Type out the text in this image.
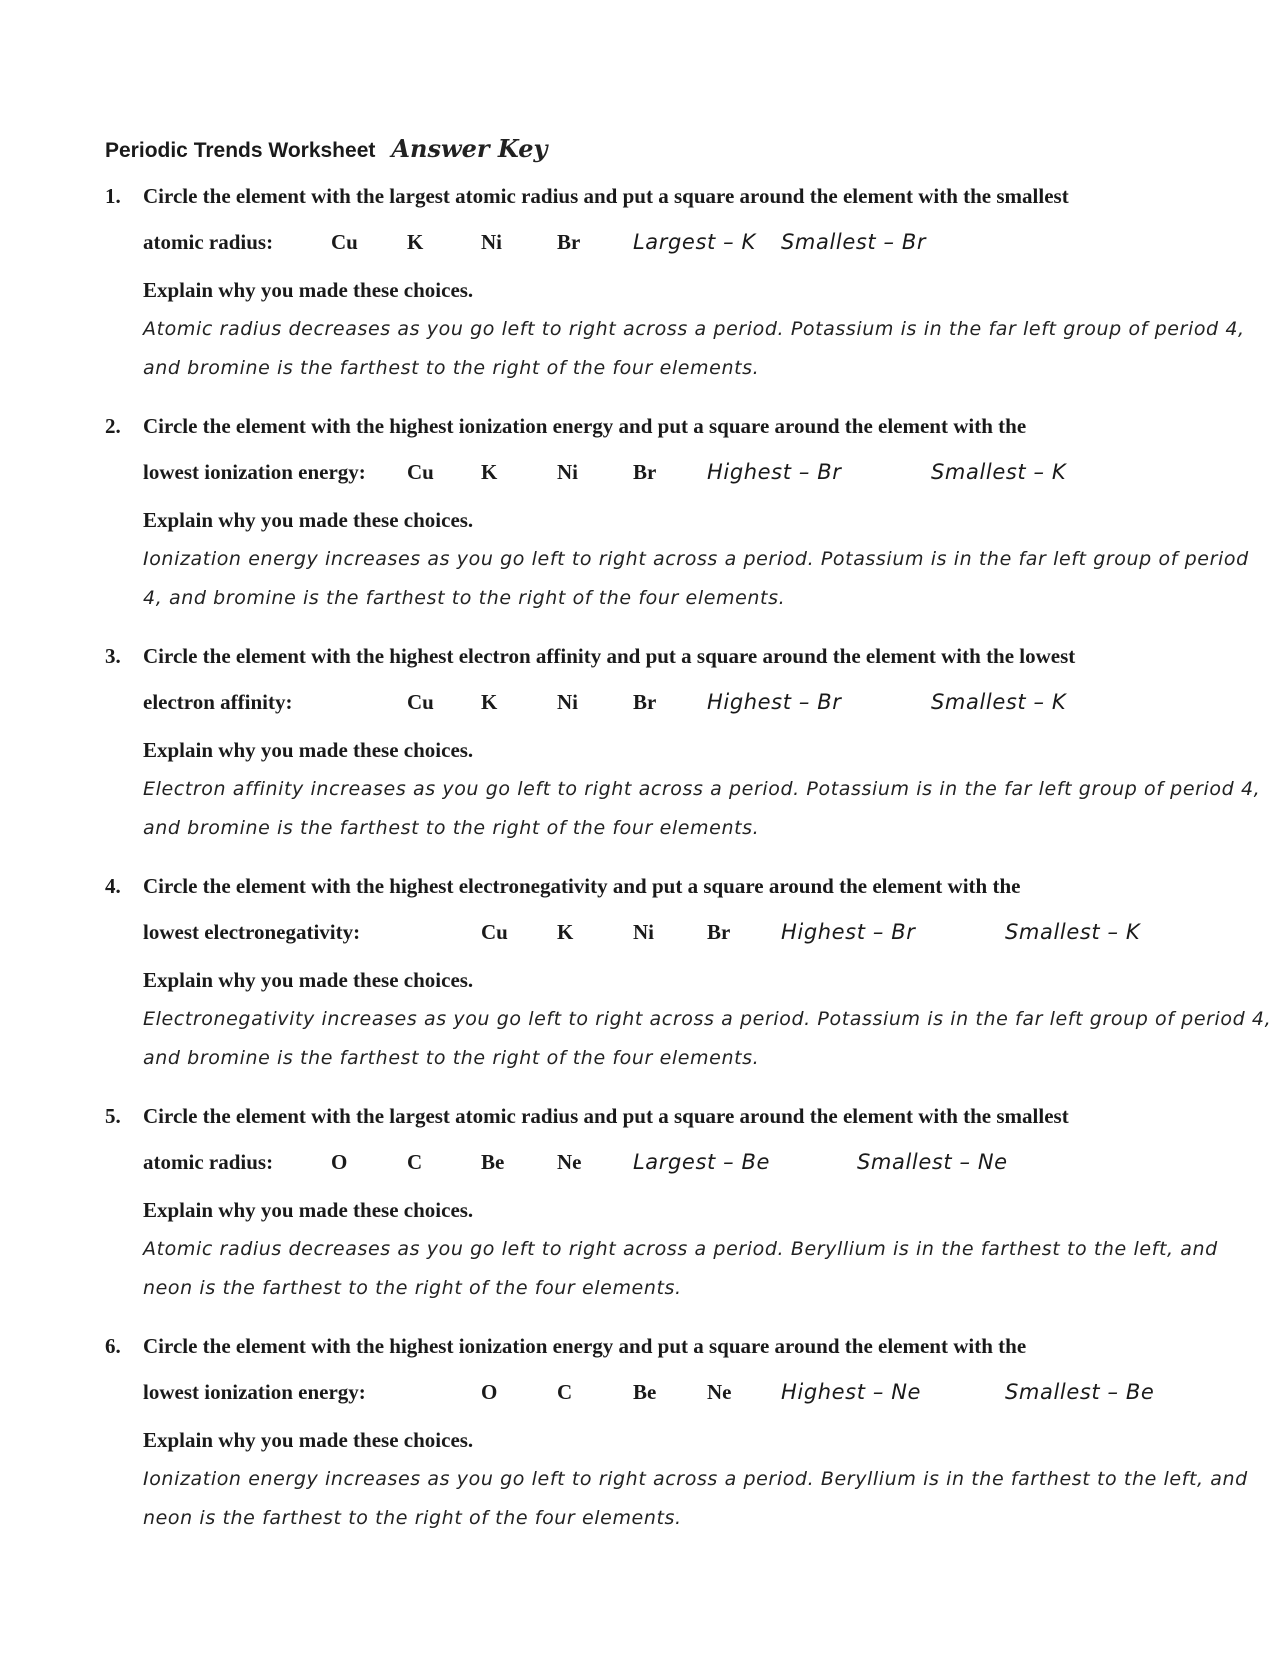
Periodic Trends Worksheet Answer Key
1. Circle the element with the largest atomic radius and put a square around the element with the smallest
atomic radius:	Cu K	Ni	Br	Largest – K Smallest – Br
Explain why you made these choices.
Atomic radius decreases as you go left to right across a period. Potassium is in the far left group of period 4, and bromine is the farthest to the right of the four elements.
2. Circle the element with the highest ionization energy and put a square around the element with the
lowest ionization energy: Cu K	Ni	Br Highest – Br	Smallest – K
Explain why you made these choices.
Ionization energy increases as you go left to right across a period. Potassium is in the far left group of period 4, and bromine is the farthest to the right of the four elements.
3. Circle the element with the highest electron affinity and put a square around the element with the lowest
electron affinity:	Cu K	Ni	Br Highest – Br	Smallest – K
Explain why you made these choices.
Electron affinity increases as you go left to right across a period. Potassium is in the far left group of period 4, and bromine is the farthest to the right of the four elements.
4. Circle the element with the highest electronegativity and put a square around the element with the
lowest electronegativity:	Cu K	Ni	Br Highest – Br	Smallest – K
Explain why you made these choices.
Electronegativity increases as you go left to right across a period. Potassium is in the far left group of period 4, and bromine is the farthest to the right of the four elements.
5. Circle the element with the largest atomic radius and put a square around the element with the smallest
atomic radius:	O	C	Be	Ne Largest – Be	Smallest – Ne
Explain why you made these choices.
Atomic radius decreases as you go left to right across a period. Beryllium is in the farthest to the left, and neon is the farthest to the right of the four elements.
6. Circle the element with the highest ionization energy and put a square around the element with the
lowest ionization energy:	O	C	Be Ne Highest – Ne	Smallest – Be
Explain why you made these choices.
Ionization energy increases as you go left to right across a period. Beryllium is in the farthest to the left, and neon is the farthest to the right of the four elements.
